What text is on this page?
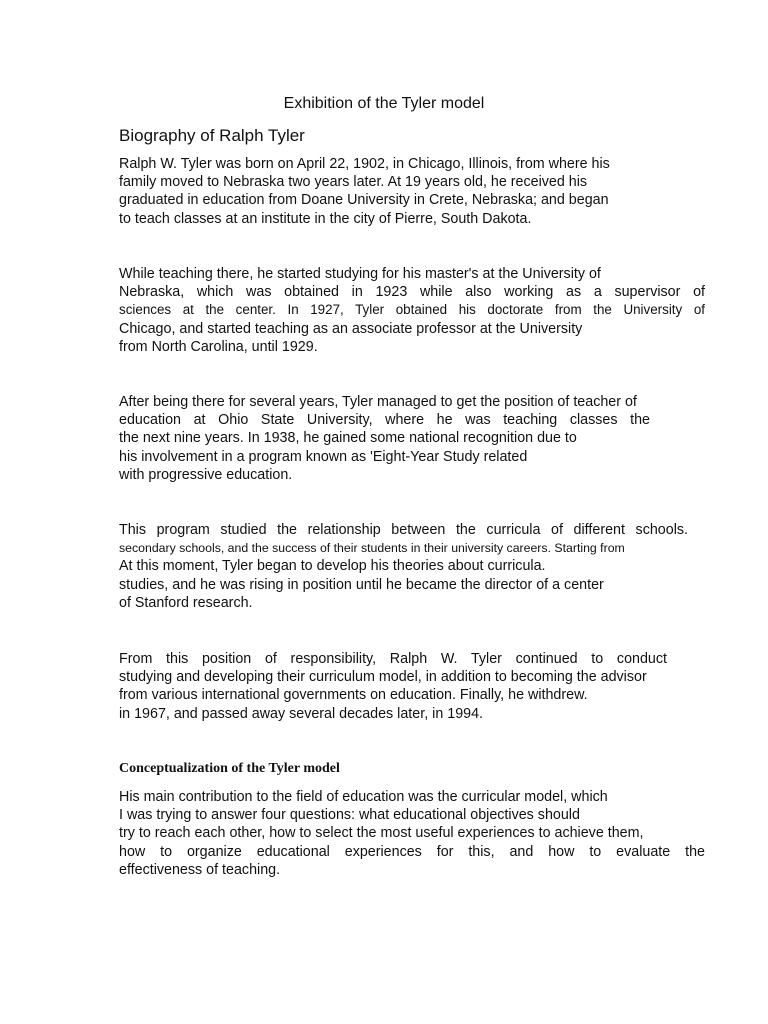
Exhibition of the Tyler model
Biography of Ralph Tyler

Ralph W. Tyler was born on April 22, 1902, in Chicago, Illinois, from where his
family moved to Nebraska two years later. At 19 years old, he received his
graduated in education from Doane University in Crete, Nebraska; and began
to teach classes at an institute in the city of Pierre, South Dakota.

While teaching there, he started studying for his master's at the University of
Nebraska, which was obtained in 1923 while also working as a supervisor of
sciences at the center. In 1927, Tyler obtained his doctorate from the University of
Chicago, and started teaching as an associate professor at the University
from North Carolina, until 1929.

After being there for several years, Tyler managed to get the position of teacher of
education at Ohio State University, where he was teaching classes the
the next nine years. In 1938, he gained some national recognition due to
his involvement in a program known as 'Eight-Year Study related
with progressive education.

This program studied the relationship between the curricula of different schools.
secondary schools, and the success of their students in their university careers. Starting from
At this moment, Tyler began to develop his theories about curricula.
studies, and he was rising in position until he became the director of a center
of Stanford research.

From this position of responsibility, Ralph W. Tyler continued to conduct
studying and developing their curriculum model, in addition to becoming the advisor
from various international governments on education. Finally, he withdrew.
in 1967, and passed away several decades later, in 1994.

Conceptualization of the Tyler model

His main contribution to the field of education was the curricular model, which
I was trying to answer four questions: what educational objectives should
try to reach each other, how to select the most useful experiences to achieve them,
how to organize educational experiences for this, and how to evaluate the
effectiveness of teaching.
